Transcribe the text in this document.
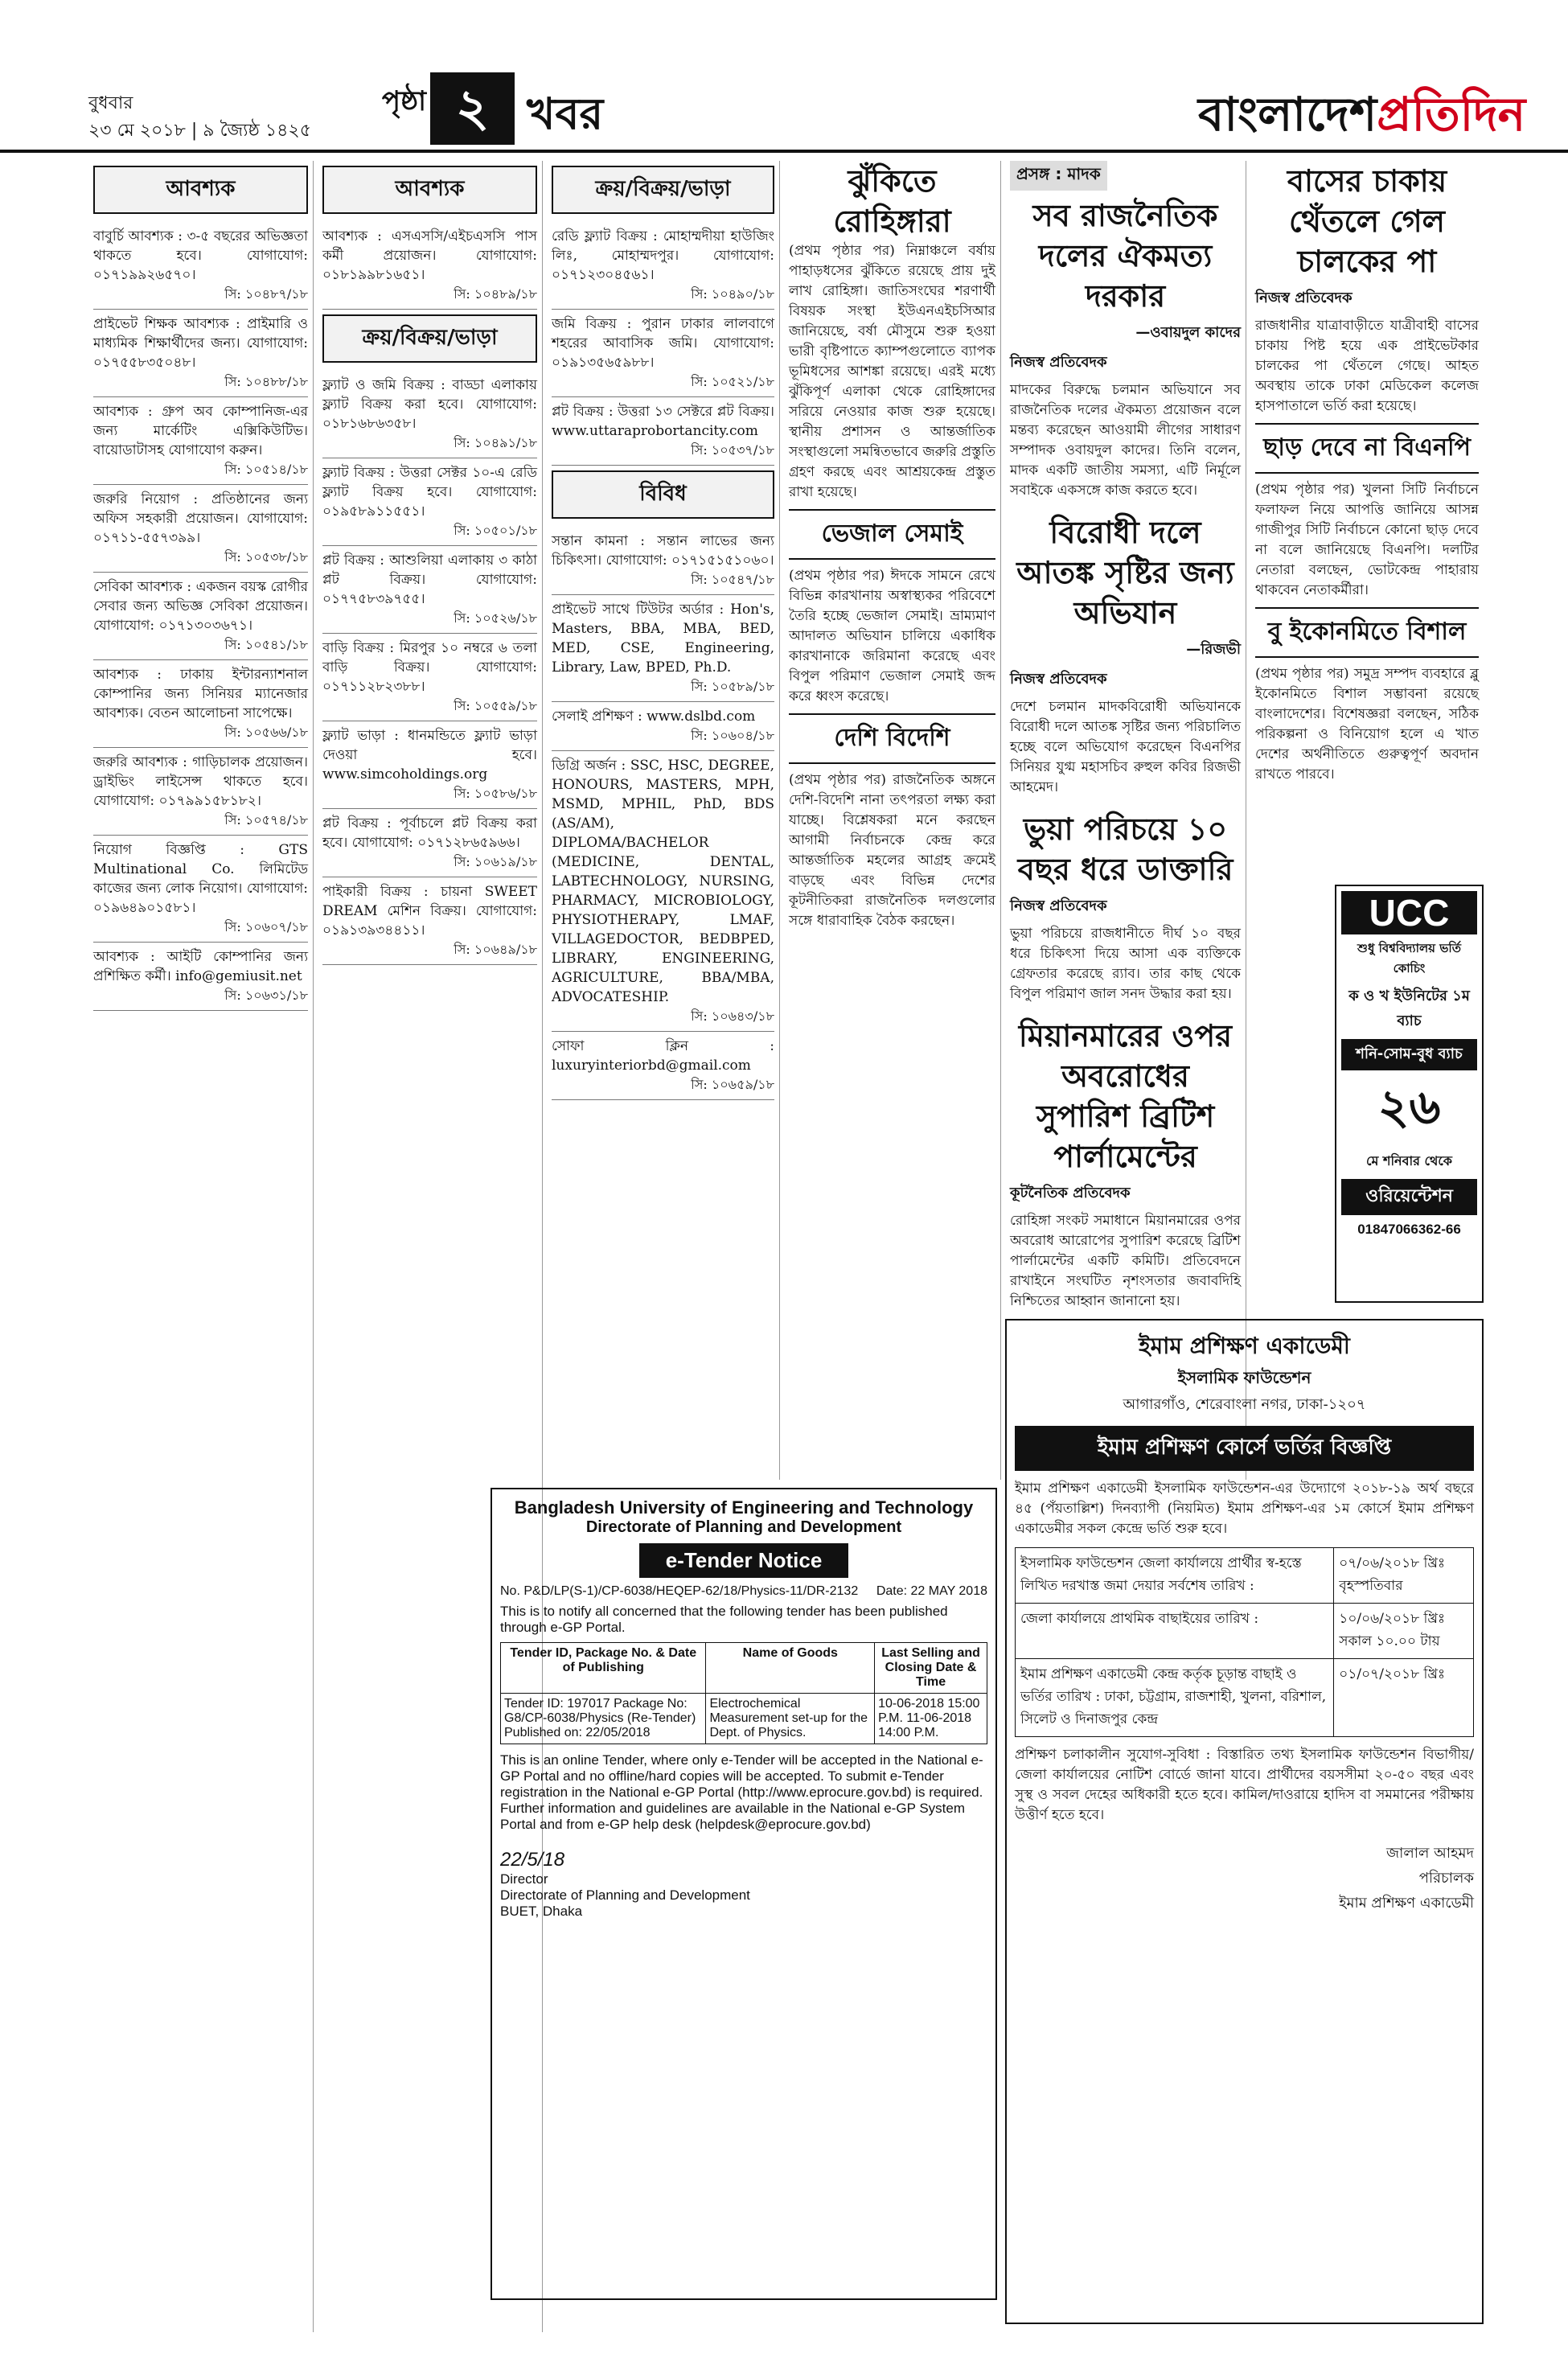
বুধবার
২৩ মে ২০১৮ | ৯ জ্যৈষ্ঠ ১৪২৫
পৃষ্ঠা ২ খবর	বাংলাদেশপ্রতিদিন
আবশ্যক

বাবুর্চি আবশ্যক : ৩-৫ বছরের অভিজ্ঞতা থাকতে হবে। যোগাযোগ: ০১৭১৯৯২৬৫৭০।

সি: ১০৪৮৭/১৮

প্রাইভেট শিক্ষক আবশ্যক : প্রাইমারি ও মাধ্যমিক শিক্ষার্থীদের জন্য। যোগাযোগ: ০১৭৫৫৮৩৫০৪৮।

সি: ১০৪৮৮/১৮

আবশ্যক : গ্রুপ অব কোম্পানিজ-এর জন্য মার্কেটিং এক্সিকিউটিভ। বায়োডাটাসহ যোগাযোগ করুন।

সি: ১০৫১৪/১৮

জরুরি নিয়োগ : প্রতিষ্ঠানের জন্য অফিস সহকারী প্রয়োজন। যোগাযোগ: ০১৭১১-৫৫৭৩৯৯।

সি: ১০৫৩৮/১৮

সেবিকা আবশ্যক : একজন বয়স্ক রোগীর সেবার জন্য অভিজ্ঞ সেবিকা প্রয়োজন। যোগাযোগ: ০১৭১৩০৩৬৭১।

সি: ১০৫৪১/১৮

আবশ্যক : ঢাকায় ইন্টারন্যাশনাল কোম্পানির জন্য সিনিয়র ম্যানেজার আবশ্যক। বেতন আলোচনা সাপেক্ষে।

সি: ১০৫৬৬/১৮

জরুরি আবশ্যক : গাড়িচালক প্রয়োজন। ড্রাইভিং লাইসেন্স থাকতে হবে। যোগাযোগ: ০১৭৯৯১৫৮১৮২।

সি: ১০৫৭৪/১৮

নিয়োগ বিজ্ঞপ্তি : GTS Multinational Co. লিমিটেড কাজের জন্য লোক নিয়োগ। যোগাযোগ: ০১৯৬৪৯০১৫৮১।

সি: ১০৬০৭/১৮

আবশ্যক : আইটি কোম্পানির জন্য প্রশিক্ষিত কর্মী। info@gemiusit.net

সি: ১০৬৩১/১৮
আবশ্যক

আবশ্যক : এসএসসি/এইচএসসি পাস কর্মী প্রয়োজন। যোগাযোগ: ০১৮১৯৯৮১৬৫১।

সি: ১০৪৮৯/১৮
ক্রয়/বিক্রয়/ভাড়া

ফ্ল্যাট ও জমি বিক্রয় : বাড্ডা এলাকায় ফ্ল্যাট বিক্রয় করা হবে। যোগাযোগ: ০১৮১৬৮৬৩৫৮।

সি: ১০৪৯১/১৮

ফ্ল্যাট বিক্রয় : উত্তরা সেক্টর ১০-এ রেডি ফ্ল্যাট বিক্রয় হবে। যোগাযোগ: ০১৯৫৮৯১১৫৫১।

সি: ১০৫০১/১৮

প্লট বিক্রয় : আশুলিয়া এলাকায় ৩ কাঠা প্লট বিক্রয়। যোগাযোগ: ০১৭৭৫৮৩৯৭৫৫।

সি: ১০৫২৬/১৮

বাড়ি বিক্রয় : মিরপুর ১০ নম্বরে ৬ তলা বাড়ি বিক্রয়। যোগাযোগ: ০১৭১১২৮২৩৮৮।

সি: ১০৫৫৯/১৮

ফ্ল্যাট ভাড়া : ধানমন্ডিতে ফ্ল্যাট ভাড়া দেওয়া হবে। www.simcoholdings.org

সি: ১০৫৮৬/১৮

প্লট বিক্রয় : পূর্বাচলে প্লট বিক্রয় করা হবে। যোগাযোগ: ০১৭১২৮৬৫৯৬৬।

সি: ১০৬১৯/১৮

পাইকারী বিক্রয় : চায়না SWEET DREAM মেশিন বিক্রয়। যোগাযোগ: ০১৯১৩৯৩৪৪১১।

সি: ১০৬৪৯/১৮
ক্রয়/বিক্রয়/ভাড়া

রেডি ফ্ল্যাট বিক্রয় : মোহাম্মদীয়া হাউজিং লিঃ, মোহাম্মদপুর। যোগাযোগ: ০১৭১২৩০৪৫৬১।

সি: ১০৪৯০/১৮

জমি বিক্রয় : পুরান ঢাকার লালবাগে শহরের আবাসিক জমি। যোগাযোগ: ০১৯১৩৫৬৫৯৮৮।

সি: ১০৫২১/১৮

প্লট বিক্রয় : উত্তরা ১৩ সেক্টরে প্লট বিক্রয়। www.uttaraprobortancity.com

সি: ১০৫৩৭/১৮
বিবিধ

সন্তান কামনা : সন্তান লাভের জন্য চিকিৎসা। যোগাযোগ: ০১৭১৫১৫১০৬০।

সি: ১০৫৪৭/১৮

প্রাইভেট সাথে টিউটর অর্ডার : Hon's, Masters, BBA, MBA, BED, MED, CSE, Engineering, Library, Law, BPED, Ph.D.

সি: ১০৫৮৯/১৮

সেলাই প্রশিক্ষণ : www.dslbd.com

সি: ১০৬০৪/১৮

ডিগ্রি অর্জন : SSC, HSC, DEGREE, HONOURS, MASTERS, MPH, MSMD, MPHIL, PhD, BDS (AS/AM), DIPLOMA/BACHELOR (MEDICINE, DENTAL, LABTECHNOLOGY, NURSING, PHARMACY, MICROBIOLOGY, PHYSIOTHERAPY, LMAF, VILLAGEDOCTOR, BEDBPED, LIBRARY, ENGINEERING, AGRICULTURE, BBA/MBA, ADVOCATESHIP.

সি: ১০৬৪৩/১৮

সোফা ক্লিন : luxuryinteriorbd@gmail.com

সি: ১০৬৫৯/১৮
ঝুঁকিতে রোহিঙ্গারা

(প্রথম পৃষ্ঠার পর) নিম্নাঞ্চলে বর্ষায় পাহাড়ধসের ঝুঁকিতে রয়েছে প্রায় দুই লাখ রোহিঙ্গা। জাতিসংঘের শরণার্থী বিষয়ক সংস্থা ইউএনএইচসিআর জানিয়েছে, বর্ষা মৌসুমে শুরু হওয়া ভারী বৃষ্টিপাতে ক্যাম্পগুলোতে ব্যাপক ভূমিধসের আশঙ্কা রয়েছে। এরই মধ্যে ঝুঁকিপূর্ণ এলাকা থেকে রোহিঙ্গাদের সরিয়ে নেওয়ার কাজ শুরু হয়েছে। স্থানীয় প্রশাসন ও আন্তর্জাতিক সংস্থাগুলো সমন্বিতভাবে জরুরি প্রস্তুতি গ্রহণ করছে এবং আশ্রয়কেন্দ্র প্রস্তুত রাখা হয়েছে।

ভেজাল সেমাই

(প্রথম পৃষ্ঠার পর) ঈদকে সামনে রেখে বিভিন্ন কারখানায় অস্বাস্থ্যকর পরিবেশে তৈরি হচ্ছে ভেজাল সেমাই। ভ্রাম্যমাণ আদালত অভিযান চালিয়ে একাধিক কারখানাকে জরিমানা করেছে এবং বিপুল পরিমাণ ভেজাল সেমাই জব্দ করে ধ্বংস করেছে।

দেশি বিদেশি

(প্রথম পৃষ্ঠার পর) রাজনৈতিক অঙ্গনে দেশি-বিদেশি নানা তৎপরতা লক্ষ্য করা যাচ্ছে। বিশ্লেষকরা মনে করছেন আগামী নির্বাচনকে কেন্দ্র করে আন্তর্জাতিক মহলের আগ্রহ ক্রমেই বাড়ছে এবং বিভিন্ন দেশের কূটনীতিকরা রাজনৈতিক দলগুলোর সঙ্গে ধারাবাহিক বৈঠক করছেন।

প্রসঙ্গ : মাদক
সব রাজনৈতিক দলের ঐকমত্য দরকার
—ওবায়দুল কাদের
নিজস্ব প্রতিবেদক

মাদকের বিরুদ্ধে চলমান অভিযানে সব রাজনৈতিক দলের ঐকমত্য প্রয়োজন বলে মন্তব্য করেছেন আওয়ামী লীগের সাধারণ সম্পাদক ওবায়দুল কাদের। তিনি বলেন, মাদক একটি জাতীয় সমস্যা, এটি নির্মূলে সবাইকে একসঙ্গে কাজ করতে হবে।

বিরোধী দলে আতঙ্ক সৃষ্টির জন্য অভিযান
—রিজভী
নিজস্ব প্রতিবেদক

দেশে চলমান মাদকবিরোধী অভিযানকে বিরোধী দলে আতঙ্ক সৃষ্টির জন্য পরিচালিত হচ্ছে বলে অভিযোগ করেছেন বিএনপির সিনিয়র যুগ্ম মহাসচিব রুহুল কবির রিজভী আহমেদ।

ভুয়া পরিচয়ে ১০ বছর ধরে ডাক্তারি
নিজস্ব প্রতিবেদক

ভুয়া পরিচয়ে রাজধানীতে দীর্ঘ ১০ বছর ধরে চিকিৎসা দিয়ে আসা এক ব্যক্তিকে গ্রেফতার করেছে র‌্যাব। তার কাছ থেকে বিপুল পরিমাণ জাল সনদ উদ্ধার করা হয়।

মিয়ানমারের ওপর অবরোধের সুপারিশ ব্রিটিশ পার্লামেন্টের
কূটনৈতিক প্রতিবেদক

রোহিঙ্গা সংকট সমাধানে মিয়ানমারের ওপর অবরোধ আরোপের সুপারিশ করেছে ব্রিটিশ পার্লামেন্টের একটি কমিটি। প্রতিবেদনে রাখাইনে সংঘটিত নৃশংসতার জবাবদিহি নিশ্চিতের আহ্বান জানানো হয়।

বাসের চাকায় থেঁতলে গেল চালকের পা
নিজস্ব প্রতিবেদক

রাজধানীর যাত্রাবাড়ীতে যাত্রীবাহী বাসের চাকায় পিষ্ট হয়ে এক প্রাইভেটকার চালকের পা থেঁতলে গেছে। আহত অবস্থায় তাকে ঢাকা মেডিকেল কলেজ হাসপাতালে ভর্তি করা হয়েছে।

ছাড় দেবে না বিএনপি

(প্রথম পৃষ্ঠার পর) খুলনা সিটি নির্বাচনে ফলাফল নিয়ে আপত্তি জানিয়ে আসন্ন গাজীপুর সিটি নির্বাচনে কোনো ছাড় দেবে না বলে জানিয়েছে বিএনপি। দলটির নেতারা বলছেন, ভোটকেন্দ্র পাহারায় থাকবেন নেতাকর্মীরা।

বু ইকোনমিতে বিশাল

(প্রথম পৃষ্ঠার পর) সমুদ্র সম্পদ ব্যবহারে ব্লু ইকোনমিতে বিশাল সম্ভাবনা রয়েছে বাংলাদেশের। বিশেষজ্ঞরা বলছেন, সঠিক পরিকল্পনা ও বিনিয়োগ হলে এ খাত দেশের অর্থনীতিতে গুরুত্বপূর্ণ অবদান রাখতে পারবে।

UCC
শুধু বিশ্ববিদ্যালয় ভর্তি কোচিং
ক ও খ ইউনিটের ১ম ব্যাচ
শনি-সোম-বুধ ব্যাচ
২৬
মে শনিবার থেকে
ওরিয়েন্টেশন
01847066362-66
Bangladesh University of Engineering and Technology
Directorate of Planning and Development
e-Tender Notice
No. P&D/LP(S-1)/CP-6038/HEQEP-62/18/Physics-11/DR-2132 Date: 22 MAY 2018

This is to notify all concerned that the following tender has been published through e-GP Portal.

Tender ID, Package No. & Date of Publishing	Name of Goods	Last Selling and Closing Date & Time
Tender ID: 197017 Package No: G8/CP-6038/Physics (Re-Tender) Published on: 22/05/2018	Electrochemical Measurement set-up for the Dept. of Physics.	10-06-2018 15:00 P.M. 11-06-2018 14:00 P.M.

This is an online Tender, where only e-Tender will be accepted in the National e-GP Portal and no offline/hard copies will be accepted. To submit e-Tender registration in the National e-GP Portal (http://www.eprocure.gov.bd) is required. Further information and guidelines are available in the National e-GP System Portal and from e-GP help desk (helpdesk@eprocure.gov.bd)

22/5/18
Director
Directorate of Planning and Development
BUET, Dhaka
ইমাম প্রশিক্ষণ একাডেমী
ইসলামিক ফাউন্ডেশন
আগারগাঁও, শেরেবাংলা নগর, ঢাকা-১২০৭
ইমাম প্রশিক্ষণ কোর্সে ভর্তির বিজ্ঞপ্তি

ইমাম প্রশিক্ষণ একাডেমী ইসলামিক ফাউন্ডেশন-এর উদ্যোগে ২০১৮-১৯ অর্থ বছরে ৪৫ (পঁয়তাল্লিশ) দিনব্যাপী (নিয়মিত) ইমাম প্রশিক্ষণ-এর ১ম কোর্সে ইমাম প্রশিক্ষণ একাডেমীর সকল কেন্দ্রে ভর্তি শুরু হবে।

ইসলামিক ফাউন্ডেশন জেলা কার্যালয়ে প্রার্থীর স্ব-হস্তে লিখিত দরখাস্ত জমা দেয়ার সর্বশেষ তারিখ :	০৭/০৬/২০১৮ খ্রিঃ বৃহস্পতিবার
জেলা কার্যালয়ে প্রাথমিক বাছাইয়ের তারিখ :	১০/০৬/২০১৮ খ্রিঃ সকাল ১০.০০ টায়
ইমাম প্রশিক্ষণ একাডেমী কেন্দ্র কর্তৃক চূড়ান্ত বাছাই ও ভর্তির তারিখ : ঢাকা, চট্টগ্রাম, রাজশাহী, খুলনা, বরিশাল, সিলেট ও দিনাজপুর কেন্দ্র	০১/০৭/২০১৮ খ্রিঃ

প্রশিক্ষণ চলাকালীন সুযোগ-সুবিধা : বিস্তারিত তথ্য ইসলামিক ফাউন্ডেশন বিভাগীয়/জেলা কার্যালয়ের নোটিশ বোর্ডে জানা যাবে। প্রার্থীদের বয়সসীমা ২০-৫০ বছর এবং সুস্থ ও সবল দেহের অধিকারী হতে হবে। কামিল/দাওরায়ে হাদিস বা সমমানের পরীক্ষায় উত্তীর্ণ হতে হবে।

জালাল আহমদ
পরিচালক
ইমাম প্রশিক্ষণ একাডেমী
